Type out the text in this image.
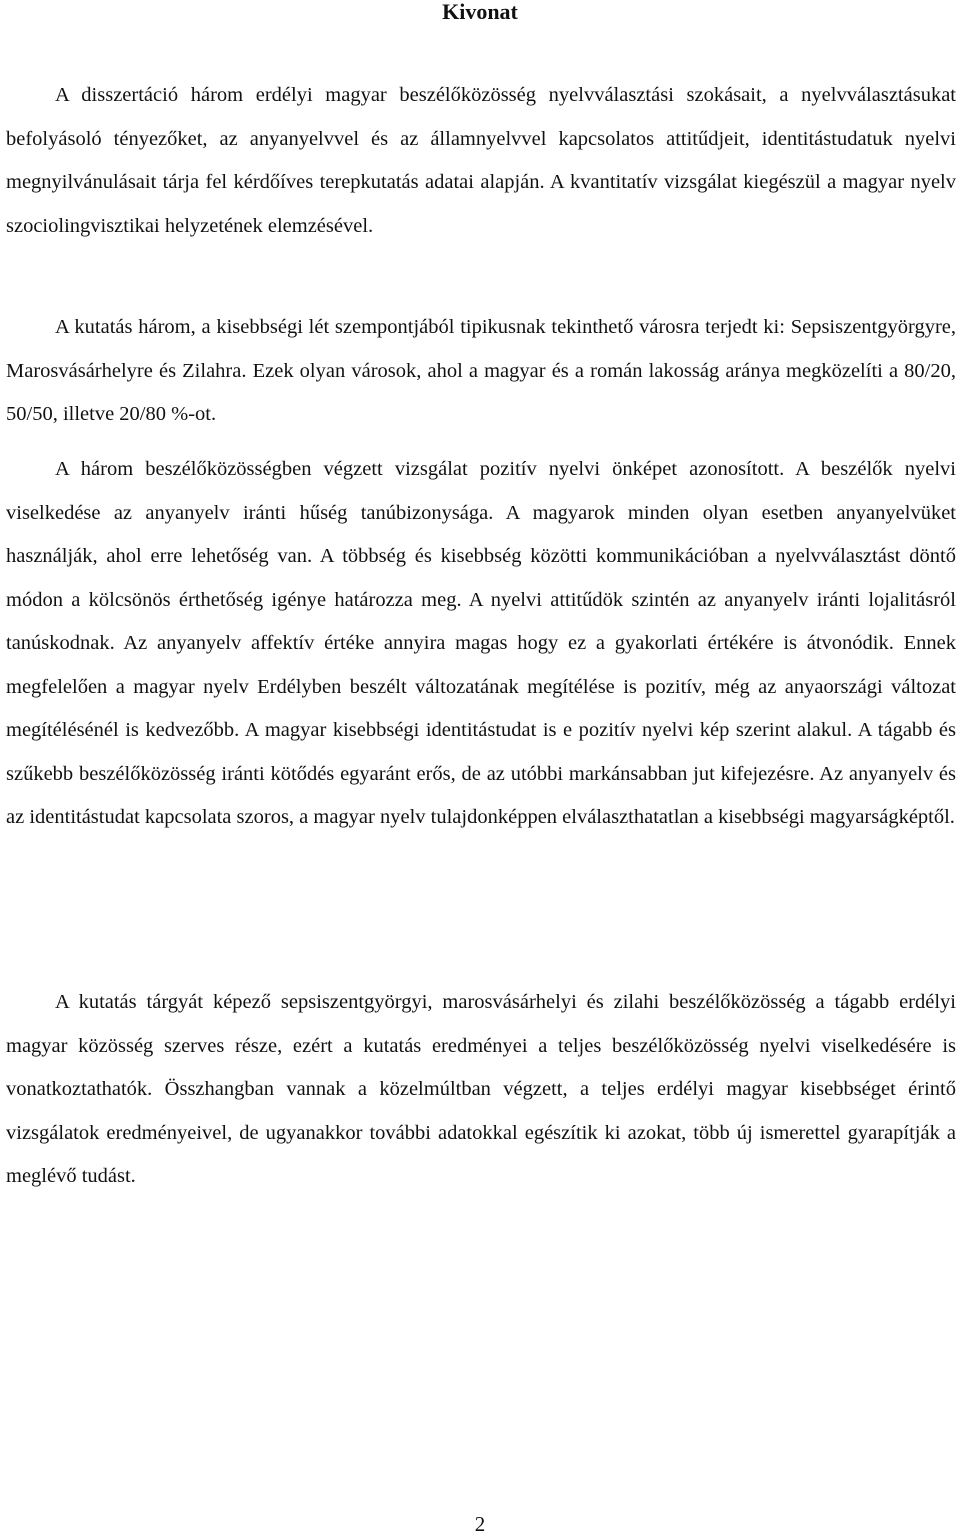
Kivonat

A disszertáció három erdélyi magyar beszélőközösség nyelvválasztási szokásait, a nyelvválasztásukat befolyásoló tényezőket, az anyanyelvvel és az államnyelvvel kapcsolatos attitűdjeit, identitástudatuk nyelvi megnyilvánulásait tárja fel kérdőíves terepkutatás adatai alapján. A kvantitatív vizsgálat kiegészül a magyar nyelv szociolingvisztikai helyzetének elemzésével.

A kutatás három, a kisebbségi lét szempontjából tipikusnak tekinthető városra terjedt ki: Sepsiszentgyörgyre, Marosvásárhelyre és Zilahra. Ezek olyan városok, ahol a magyar és a román lakosság aránya megközelíti a 80/20, 50/50, illetve 20/80 %-ot.

A három beszélőközösségben végzett vizsgálat pozitív nyelvi önképet azonosított. A beszélők nyelvi viselkedése az anyanyelv iránti hűség tanúbizonysága. A magyarok minden olyan esetben anyanyelvüket használják, ahol erre lehetőség van. A többség és kisebbség közötti kommunikációban a nyelvválasztást döntő módon a kölcsönös érthetőség igénye határozza meg. A nyelvi attitűdök szintén az anyanyelv iránti lojalitásról tanúskodnak. Az anyanyelv affektív értéke annyira magas hogy ez a gyakorlati értékére is átvonódik. Ennek megfelelően a magyar nyelv Erdélyben beszélt változatának megítélése is pozitív, még az anyaországi változat megítélésénél is kedvezőbb. A magyar kisebbségi identitástudat is e pozitív nyelvi kép szerint alakul. A tágabb és szűkebb beszélőközösség iránti kötődés egyaránt erős, de az utóbbi markánsabban jut kifejezésre. Az anyanyelv és az identitástudat kapcsolata szoros, a magyar nyelv tulajdonképpen elválaszthatatlan a kisebbségi magyarságképtől.

A kutatás tárgyát képező sepsiszentgyörgyi, marosvásárhelyi és zilahi beszélőközösség a tágabb erdélyi magyar közösség szerves része, ezért a kutatás eredményei a teljes beszélőközösség nyelvi viselkedésére is vonatkoztathatók. Összhangban vannak a közelmúltban végzett, a teljes erdélyi magyar kisebbséget érintő vizsgálatok eredményeivel, de ugyanakkor további adatokkal egészítik ki azokat, több új ismerettel gyarapítják a meglévő tudást.

2
